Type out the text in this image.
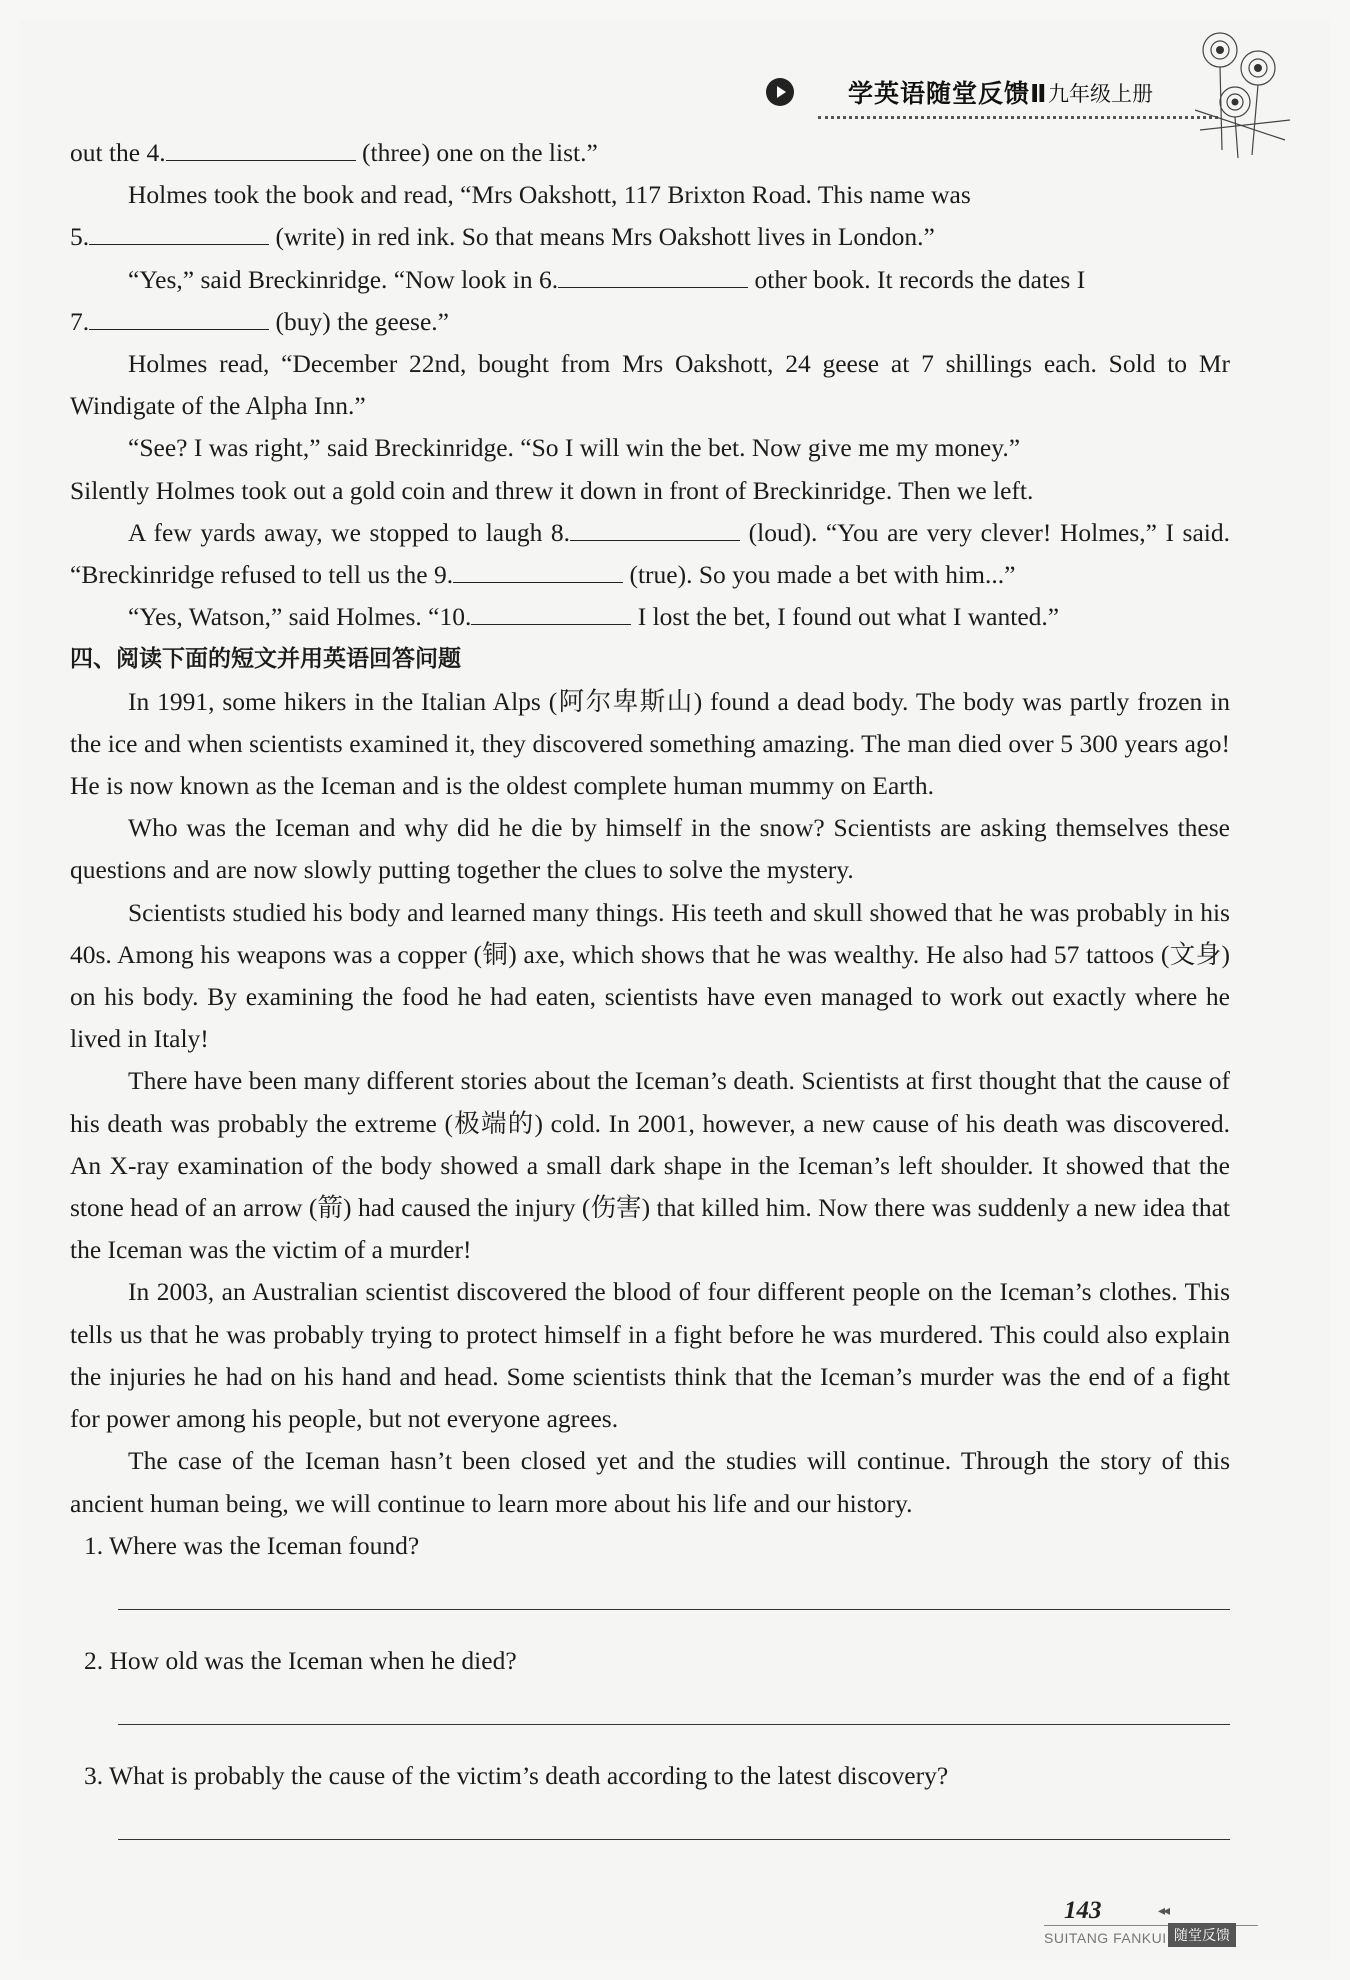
学英语随堂反馈Ⅱ 九年级上册

out the 4.	(three) one on the list.”

Holmes took the book and read, “Mrs Oakshott, 117 Brixton Road. This name was

5.	(write) in red ink. So that means Mrs Oakshott lives in London.”

“Yes,” said Breckinridge. “Now look in 6.	other book. It records the dates I

7.	(buy) the geese.”

Holmes read, “December 22nd, bought from Mrs Oakshott, 24 geese at 7 shillings each. Sold to Mr Windigate of the Alpha Inn.”

“See? I was right,” said Breckinridge. “So I will win the bet. Now give me my money.”

Silently Holmes took out a gold coin and threw it down in front of Breckinridge. Then we left.

A few yards away, we stopped to laugh 8.	(loud). “You are very clever! Holmes,” I said. “Breckinridge refused to tell us the 9.	(true). So you made a bet with him...”

“Yes, Watson,” said Holmes. “10.	I lost the bet, I found out what I wanted.”

四、阅读下面的短文并用英语回答问题

In 1991, some hikers in the Italian Alps (阿尔卑斯山) found a dead body. The body was partly frozen in the ice and when scientists examined it, they discovered something amazing. The man died over 5 300 years ago! He is now known as the Iceman and is the oldest complete human mummy on Earth.

Who was the Iceman and why did he die by himself in the snow? Scientists are asking themselves these questions and are now slowly putting together the clues to solve the mystery.

Scientists studied his body and learned many things. His teeth and skull showed that he was probably in his 40s. Among his weapons was a copper (铜) axe, which shows that he was wealthy. He also had 57 tattoos (文身) on his body. By examining the food he had eaten, scientists have even managed to work out exactly where he lived in Italy!

There have been many different stories about the Iceman’s death. Scientists at first thought that the cause of his death was probably the extreme (极端的) cold. In 2001, however, a new cause of his death was discovered. An X-ray examination of the body showed a small dark shape in the Iceman’s left shoulder. It showed that the stone head of an arrow (箭) had caused the injury (伤害) that killed him. Now there was suddenly a new idea that the Iceman was the victim of a murder!

In 2003, an Australian scientist discovered the blood of four different people on the Iceman’s clothes. This tells us that he was probably trying to protect himself in a fight before he was murdered. This could also explain the injuries he had on his hand and head. Some scientists think that the Iceman’s murder was the end of a fight for power among his people, but not everyone agrees.

The case of the Iceman hasn’t been closed yet and the studies will continue. Through the story of this ancient human being, we will continue to learn more about his life and our history.

1. Where was the Iceman found?

2. How old was the Iceman when he died?

3. What is probably the cause of the victim’s death according to the latest discovery?

143	◂◂
SUITANG FANKUI 随堂反馈
